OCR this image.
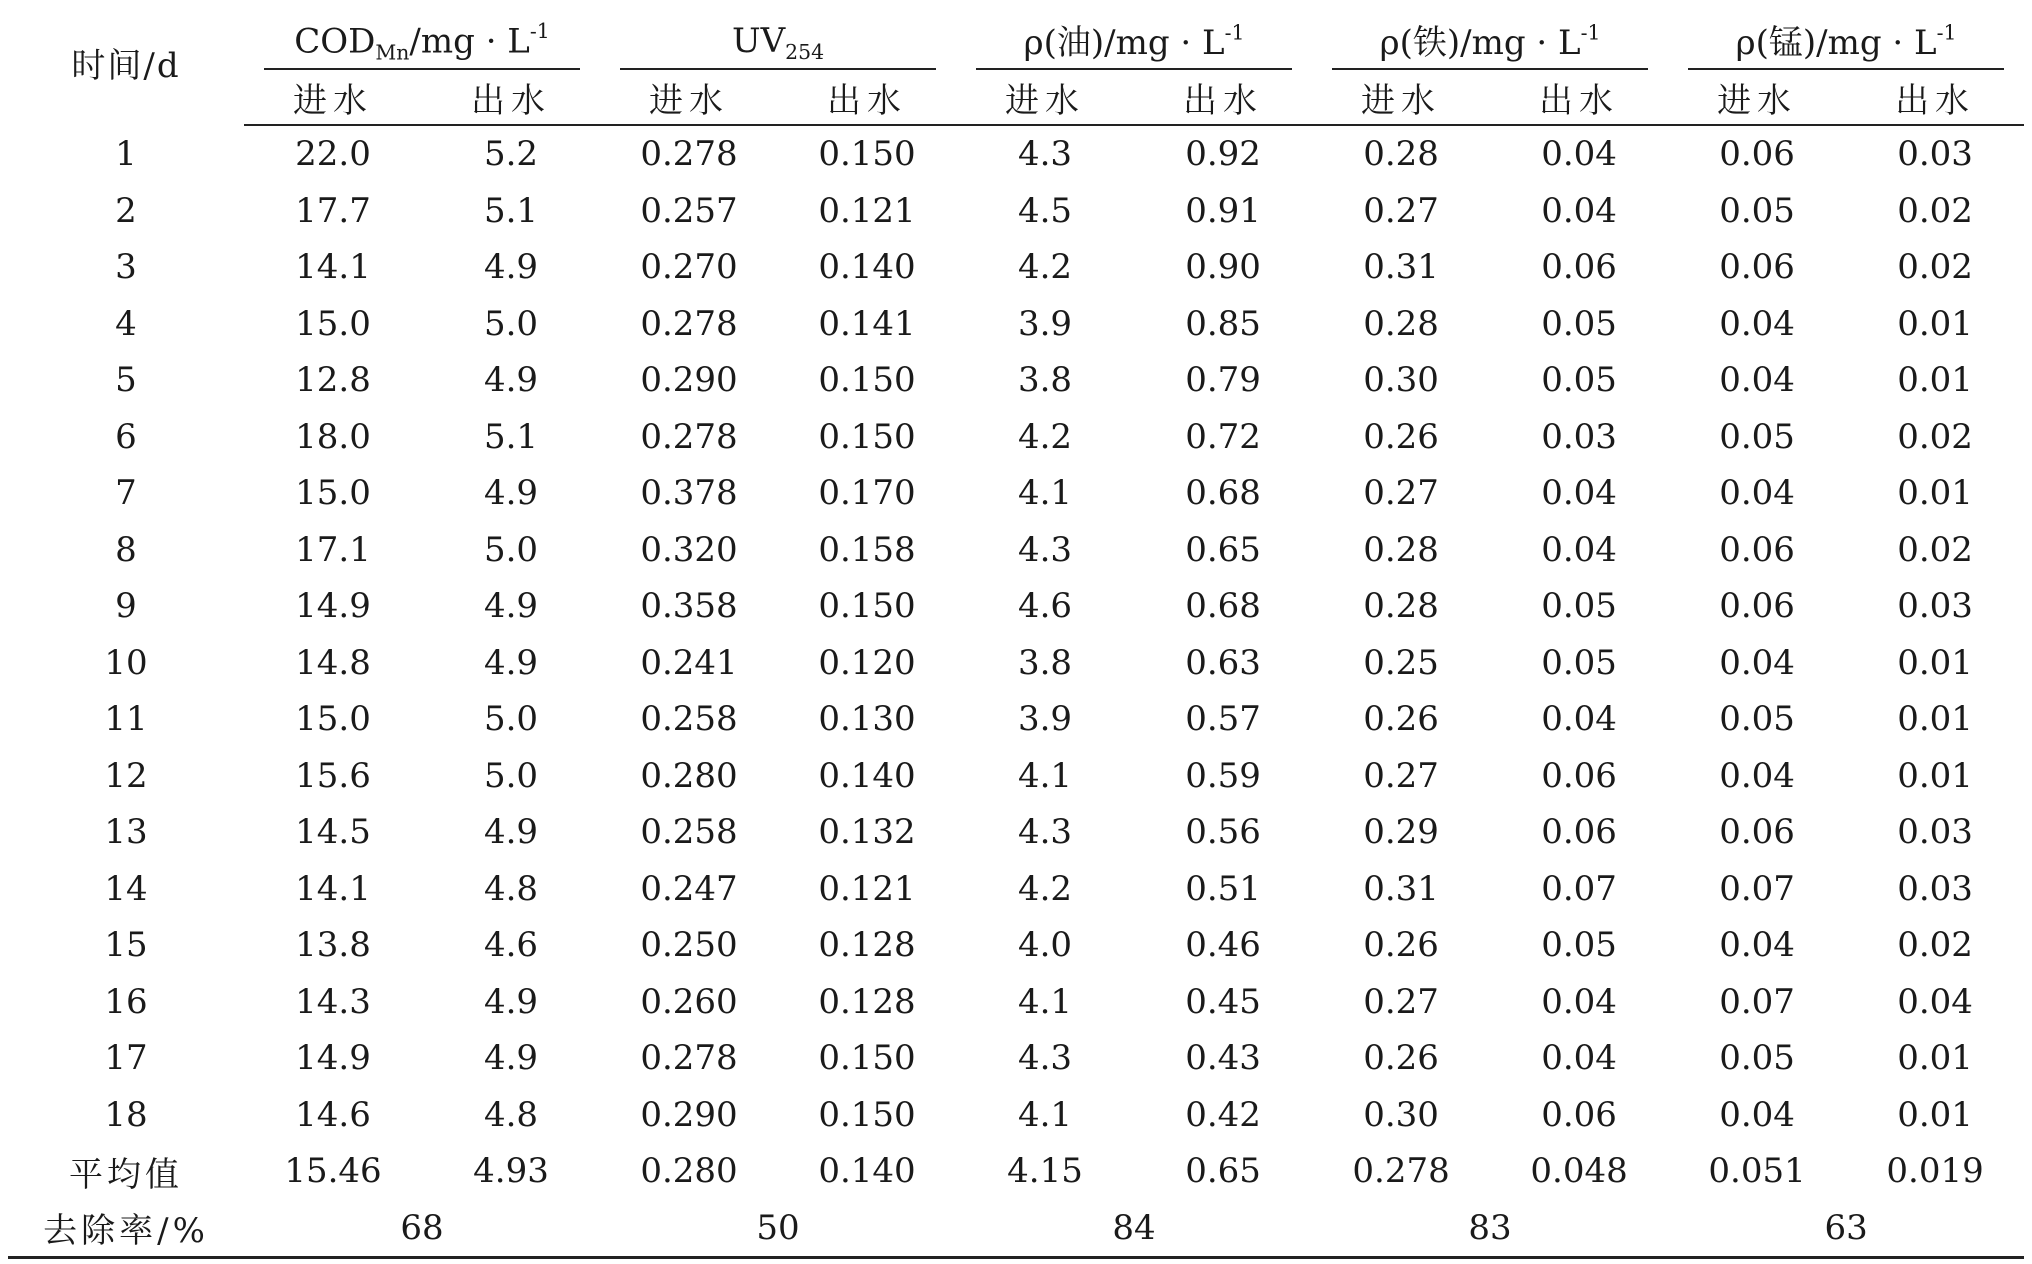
时间/d	$COD_{Mn}/mg \cdot L^{-1}$		$UV_{254}$		ρ(油)$/mg \cdot L^{-1}$		ρ(铁)$/mg \cdot L^{-1}$		ρ(锰)$/mg \cdot L^{-1}$
	进水	出水	进水	出水	进水	出水	进水	出水	进水	出水
1	22.0	5.2	0.278	0.150	4.3	0.92	0.28	0.04	0.06	0.03
2	17.7	5.1	0.257	0.121	4.5	0.91	0.27	0.04	0.05	0.02
3	14.1	4.9	0.270	0.140	4.2	0.90	0.31	0.06	0.06	0.02
4	15.0	5.0	0.278	0.141	3.9	0.85	0.28	0.05	0.04	0.01
5	12.8	4.9	0.290	0.150	3.8	0.79	0.30	0.05	0.04	0.01
6	18.0	5.1	0.278	0.150	4.2	0.72	0.26	0.03	0.05	0.02
7	15.0	4.9	0.378	0.170	4.1	0.68	0.27	0.04	0.04	0.01
8	17.1	5.0	0.320	0.158	4.3	0.65	0.28	0.04	0.06	0.02
9	14.9	4.9	0.358	0.150	4.6	0.68	0.28	0.05	0.06	0.03
10	14.8	4.9	0.241	0.120	3.8	0.63	0.25	0.05	0.04	0.01
11	15.0	5.0	0.258	0.130	3.9	0.57	0.26	0.04	0.05	0.01
12	15.6	5.0	0.280	0.140	4.1	0.59	0.27	0.06	0.04	0.01
13	14.5	4.9	0.258	0.132	4.3	0.56	0.29	0.06	0.06	0.03
14	14.1	4.8	0.247	0.121	4.2	0.51	0.31	0.07	0.07	0.03
15	13.8	4.6	0.250	0.128	4.0	0.46	0.26	0.05	0.04	0.02
16	14.3	4.9	0.260	0.128	4.1	0.45	0.27	0.04	0.07	0.04
17	14.9	4.9	0.278	0.150	4.3	0.43	0.26	0.04	0.05	0.01
18	14.6	4.8	0.290	0.150	4.1	0.42	0.30	0.06	0.04	0.01
平均值	15.46	4.93	0.280	0.140	4.15	0.65	0.278	0.048	0.051	0.019
去除率/%	68		50		84		83		63	
